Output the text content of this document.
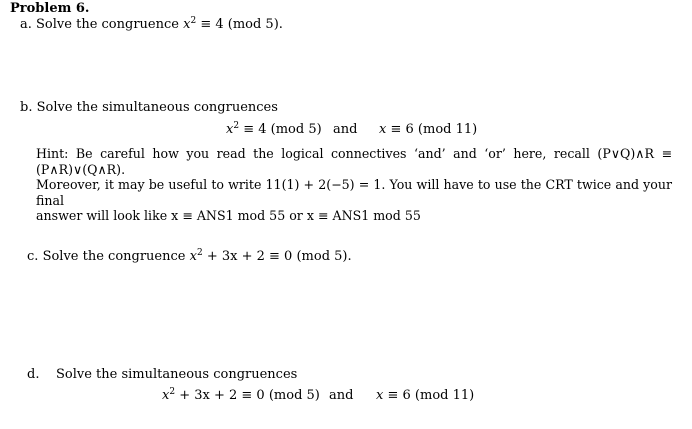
Problem 6.
a. Solve the congruence $x^2 \equiv 4$ (mod 5).
b. Solve the simultaneous congruences
$x^2 \equiv 4$ (mod 5) and x ≡ 6 (mod 11)
Hint: Be careful how you read the logical connectives ‘and’ and ‘or’ here, recall (P∨Q)∧R ≡ (P∧R)∨(Q∧R).
Moreover, it may be useful to write 11(1) + 2(−5) = 1. You will have to use the CRT twice and your final
answer will look like x ≡ ANS1 mod 55 or x ≡ ANS1 mod 55
c. Solve the congruence $x^2 + 3x + 2 \equiv 0$ (mod 5).
d. Solve the simultaneous congruences
$x^2 + 3x + 2 \equiv 0$ (mod 5) and x ≡ 6 (mod 11)
